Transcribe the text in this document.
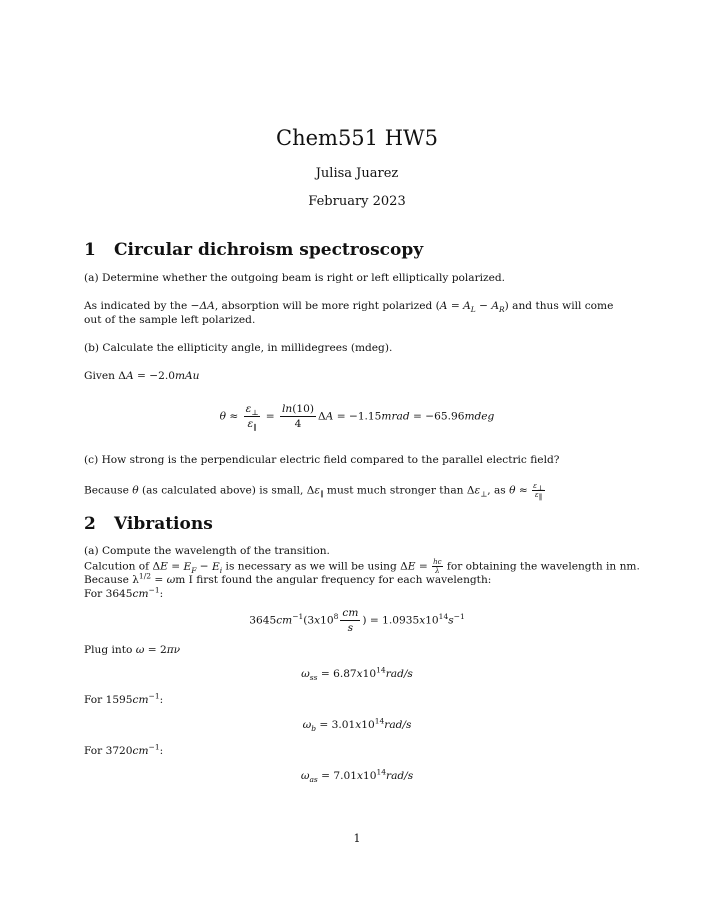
Chem551 HW5
Julisa Juarez
February 2023
1 Circular dichroism spectroscopy
(a) Determine whether the outgoing beam is right or left elliptically polarized.
As indicated by the −ΔA, absorption will be more right polarized $(A = A_L - A_R)$ and thus will come
out of the sample left polarized.
(b) Calculate the ellipticity angle, in millidegrees (mdeg).
Given ΔA = −2.0mAu
$\theta \approx \frac{\varepsilon_\perp}{\varepsilon_\parallel} = \frac{\ln(10)}{4}$ ΔA = −1.15mrad = −65.96mdeg
(c) How strong is the perpendicular electric field compared to the parallel electric field?
Because θ (as calculated above) is small, $\Delta\varepsilon_\parallel$ must much stronger than $\Delta\varepsilon_\perp$, as $\theta \approx \frac{\varepsilon_\perp}{\varepsilon_\parallel}$
2 Vibrations
(a) Compute the wavelength of the transition.
Calcution of $\Delta E = E_F - E_i$ is necessary as we will be using $\Delta E = \frac{hc}{\lambda}$ for obtaining the wavelength in nm.
Because $\lambda^{1/2} = \omega m$ I first found the angular frequency for each wavelength:
For $3645cm^{-1}$:
$3645cm^{-1}(3x10^8 \frac{cm}{s}$ ) = $1.0935x10^{14}s^{-1}$
Plug into ω = 2πν
$\omega_{ss} = 6.87x10^{14}rad/s$
For $1595cm^{-1}$:
$\omega_b = 3.01x10^{14}rad/s$
For $3720cm^{-1}$:
$\omega_{as} = 7.01x10^{14}rad/s$
1
